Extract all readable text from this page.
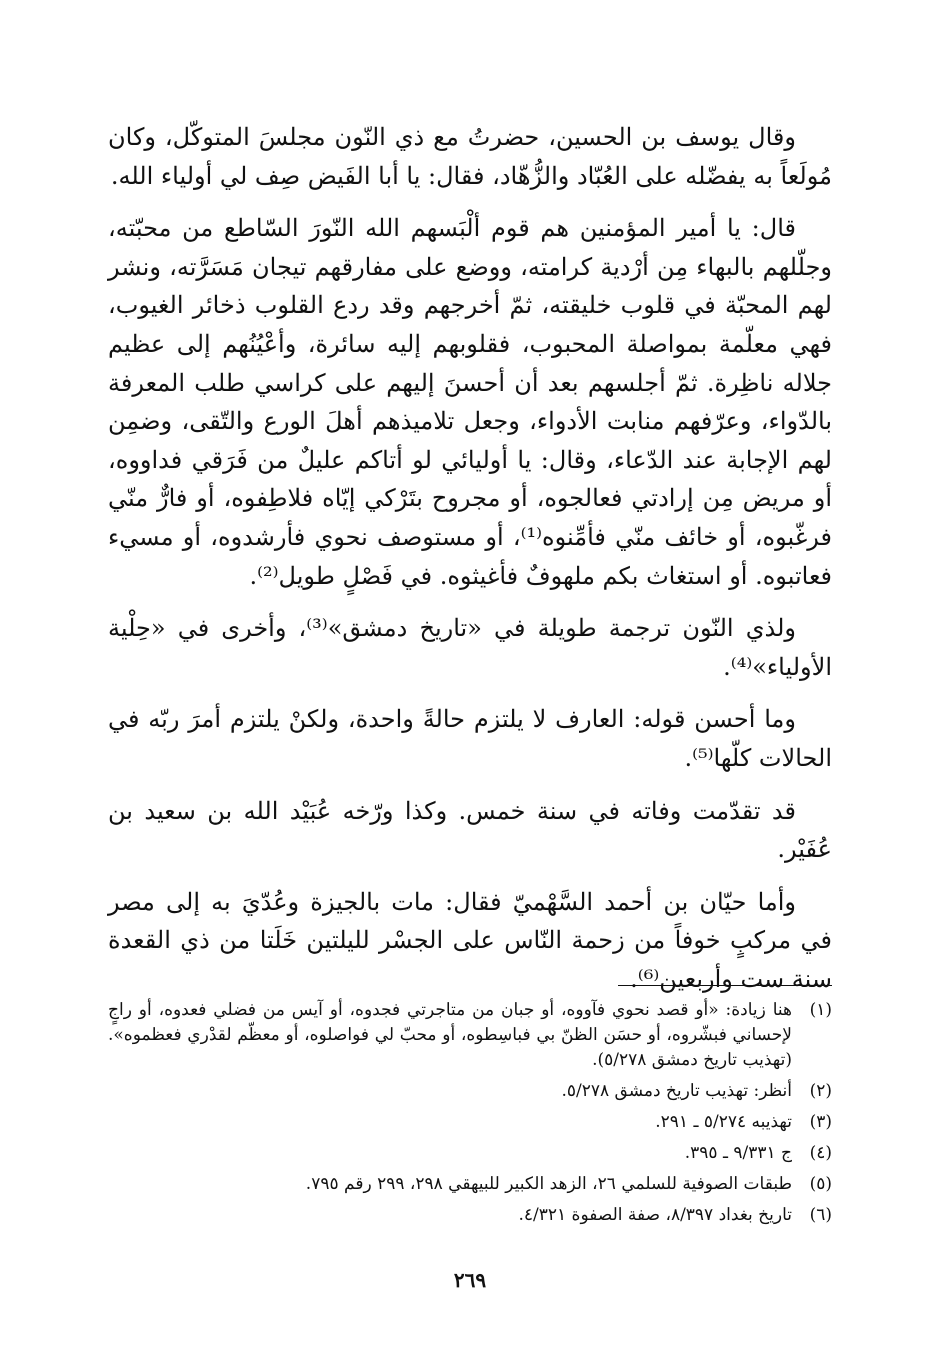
وقال يوسف بن الحسين، حضرتُ مع ذي النّون مجلسَ المتوكّل، وكان مُولَعاً به يفضّله على العُبّاد والزُّهّاد، فقال: يا أبا الفَيض صِف لي أولياء الله.

قال: يا أمير المؤمنين هم قوم ألْبَسهم الله النّورَ السّاطع من محبّته، وجلّلهم بالبهاء مِن أرْدية كرامته، ووضع على مفارقهم تيجان مَسَرَّته، ونشر لهم المحبّة في قلوب خليقته، ثمّ أخرجهم وقد ردع القلوب ذخائر الغيوب، فهي معلّمة بمواصلة المحبوب، فقلوبهم إليه سائرة، وأعْيُنُهم إلى عظيم جلاله ناظِرة. ثمّ أجلسهم بعد أن أحسنَ إليهم على كراسي طلب المعرفة بالدّواء، وعرّفهم منابت الأدواء، وجعل تلاميذهم أهلَ الورع والتّقى، وضمِن لهم الإجابة عند الدّعاء، وقال: يا أوليائي لو أتاكم عليلٌ من فَرَقي فداووه، أو مريض مِن إرادتي فعالجوه، أو مجروح بتَرْكي إيّاه فلاطِفوه، أو فارٌّ منّي فرغّبوه، أو خائف منّي فأمِّنوه⁽¹⁾، أو مستوصف نحوي فأرشدوه، أو مسيء فعاتبوه. أو استغاث بكم ملهوفٌ فأغيثوه. في فَصْلٍ طويل⁽²⁾.

ولذي النّون ترجمة طويلة في «تاريخ دمشق»⁽³⁾، وأخرى في «حِلْية الأولياء»⁽⁴⁾.

وما أحسن قوله: العارف لا يلتزم حالةً واحدة، ولكنْ يلتزم أمرَ ربّه في الحالات كلّها⁽⁵⁾.

قد تقدّمت وفاته في سنة خمس. وكذا ورّخه عُبَيْد الله بن سعيد بن عُفَيْر.

وأما حيّان بن أحمد السَّهْميّ فقال: مات بالجيزة وعُدّيَ به إلى مصر في مركبٍ خوفاً من زحمة النّاس على الجسْر لليلتين خَلَتا من ذي القعدة سنة ست وأربعين⁽⁶⁾.

(١)
هنا زيادة: «أو قصد نحوي فآووه، أو جبان من متاجرتي فجدوه، أو آيس من فضلي فعدوه، أو راجٍ لإحساني فبشّروه، أو حسَن الظنّ بي فباسِطوه، أو محبّ لي فواصلوه، أو معظّم لقدْري فعظموه». (تهذيب تاريخ دمشق ٥/٢٧٨).
(٢)
أنظر: تهذيب تاريخ دمشق ٥/٢٧٨.
(٣)
تهذيبه ٥/٢٧٤ ـ ٢٩١.
(٤)
ج ٩/٣٣١ ـ ٣٩٥.
(٥)
طبقات الصوفية للسلمي ٢٦، الزهد الكبير للبيهقي ٢٩٨، ٢٩٩ رقم ٧٩٥.
(٦)
تاريخ بغداد ٨/٣٩٧، صفة الصفوة ٤/٣٢١.
٢٦٩
